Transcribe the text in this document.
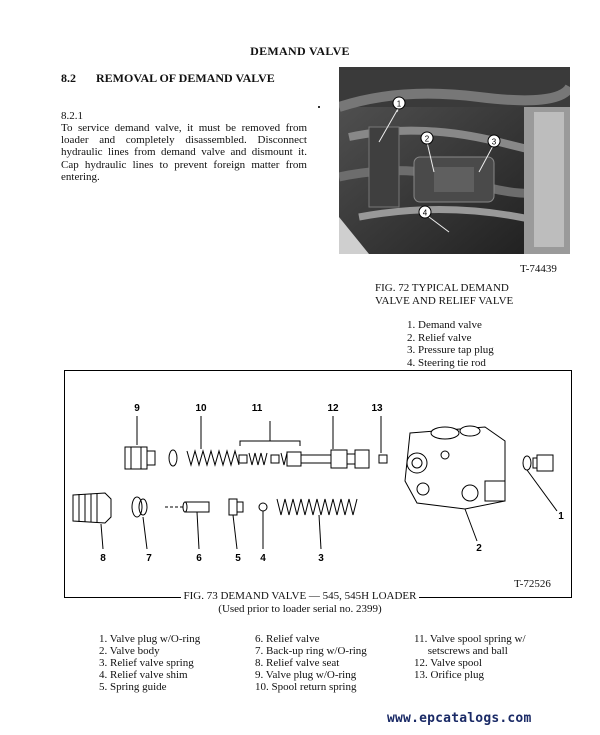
DEMAND VALVE
8.2 REMOVAL OF DEMAND VALVE
8.2.1
To service demand valve, it must be removed from loader and completely disassembled. Disconnect hydraulic lines from demand valve and dismount it. Cap hydraulic lines to prevent foreign matter from entering.
1
2	3
4
T-74439
FIG. 72 TYPICAL DEMAND
VALVE AND RELIEF VALVE
1. Demand valve
2. Relief valve
3. Pressure tap plug
4. Steering tie rod
9	10	11	12	13
1
2
3
4
5
6
7
8
T-72526
FIG. 73 DEMAND VALVE — 545, 545H LOADER
(Used prior to loader serial no. 2399)
1. Valve plug w/O-ring
2. Valve body
3. Relief valve spring
4. Relief valve shim
5. Spring guide
6. Relief valve
7. Back-up ring w/O-ring
8. Relief valve seat
9. Valve plug w/O-ring
10. Spool return spring
11. Valve spool spring w/
setscrews and ball
12. Valve spool
13. Orifice plug
www.epcatalogs.com
